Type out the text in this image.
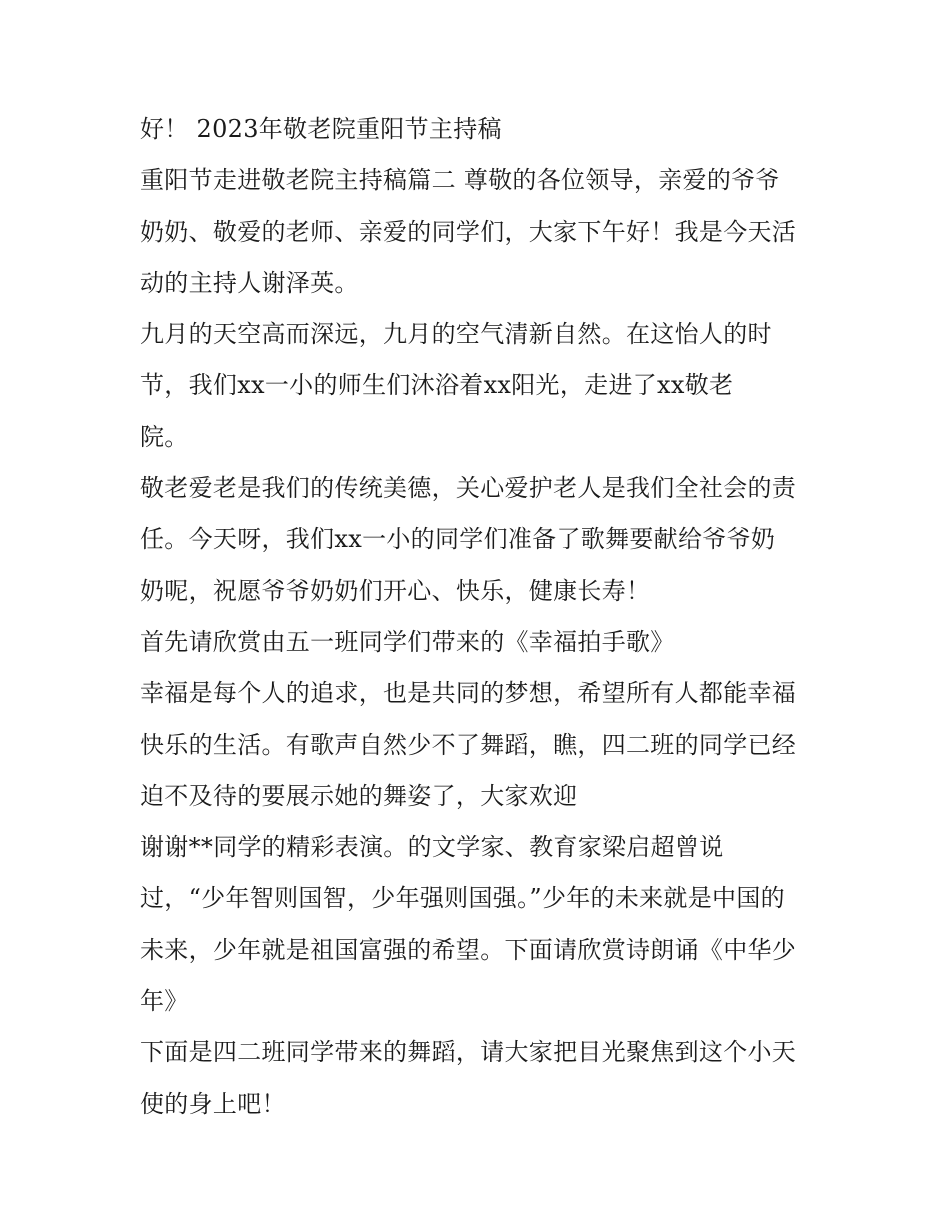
好！ 2023年敬老院重阳节主持稿
重阳节走进敬老院主持稿篇二 尊敬的各位领导，亲爱的爷爷
奶奶、敬爱的老师、亲爱的同学们，大家下午好！我是今天活
动的主持人谢泽英。
九月的天空高而深远，九月的空气清新自然。在这怡人的时
节，我们xx一小的师生们沐浴着xx阳光，走进了xx敬老
院。
敬老爱老是我们的传统美德，关心爱护老人是我们全社会的责
任。今天呀，我们xx一小的同学们准备了歌舞要献给爷爷奶
奶呢，祝愿爷爷奶奶们开心、快乐，健康长寿！
首先请欣赏由五一班同学们带来的《幸福拍手歌》
幸福是每个人的追求，也是共同的梦想，希望所有人都能幸福
快乐的生活。有歌声自然少不了舞蹈，瞧，四二班的同学已经
迫不及待的要展示她的舞姿了，大家欢迎
谢谢**同学的精彩表演。的文学家、教育家梁启超曾说
过，“少年智则国智，少年强则国强。”少年的未来就是中国的
未来，少年就是祖国富强的希望。下面请欣赏诗朗诵《中华少
年》
下面是四二班同学带来的舞蹈，请大家把目光聚焦到这个小天
使的身上吧！
